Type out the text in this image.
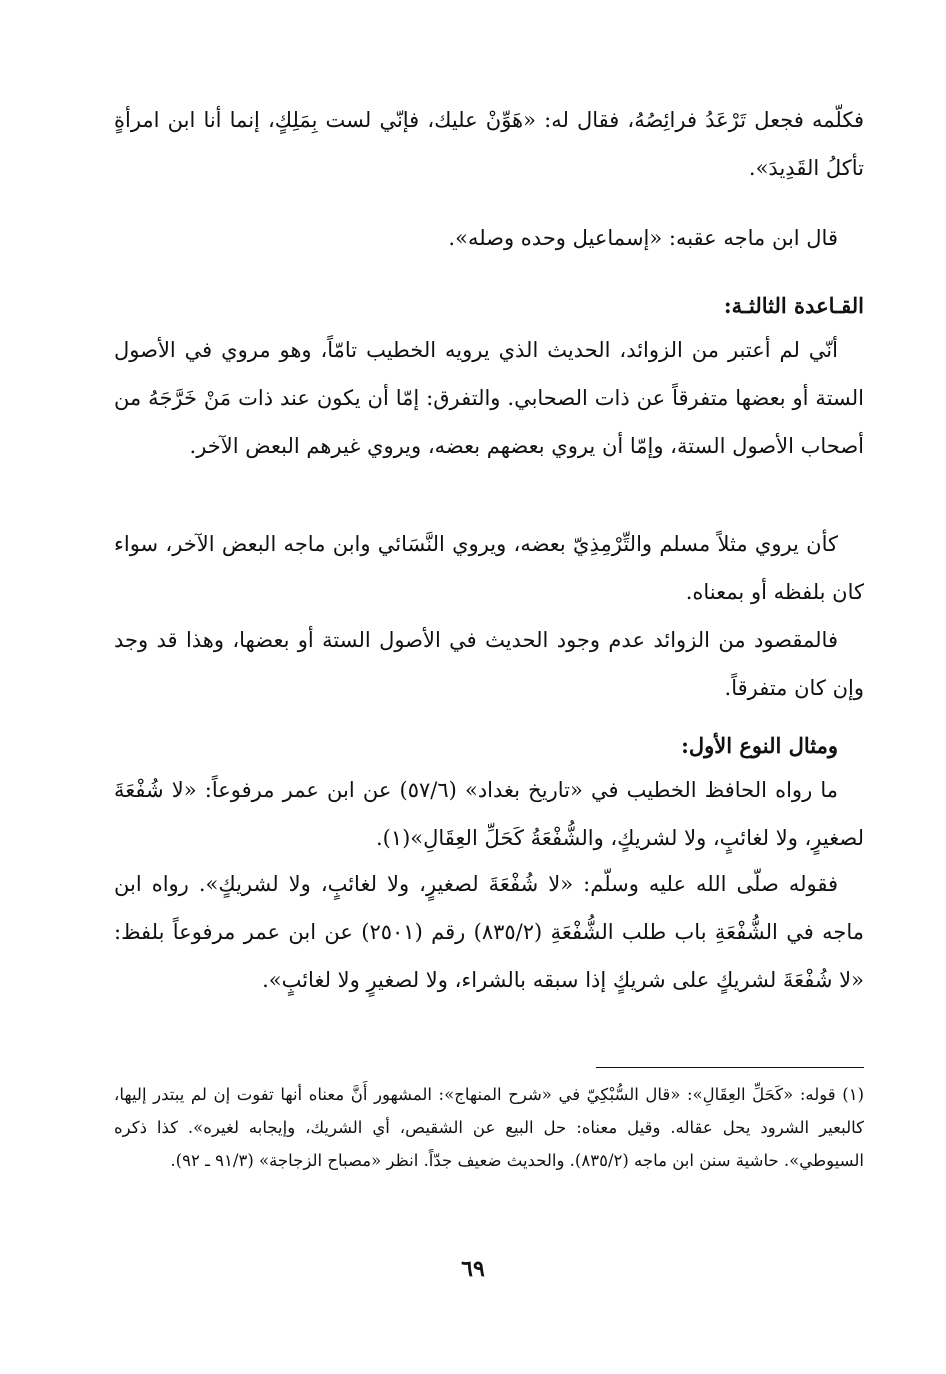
فكلّمه فجعل تَرْعَدُ فرائِصُهُ، فقال له: «هَوِّنْ عليك، فإنّي لست بِمَلِكٍ، إنما أنا ابن امرأةٍ تأكلُ القَدِيدَ».
قال ابن ماجه عقبه: «إسماعيل وحده وصله».
القـاعدة الثالثـة:
أنّي لم أعتبر من الزوائد، الحديث الذي يرويه الخطيب تامّاً، وهو مروي في الأصول الستة أو بعضها متفرقاً عن ذات الصحابي. والتفرق: إمّا أن يكون عند ذات مَنْ خَرَّجَهُ من أصحاب الأصول الستة، وإمّا أن يروي بعضهم بعضه، ويروي غيرهم البعض الآخر.
كأن يروي مثلاً مسلم والتِّرْمِذِيّ بعضه، ويروي النَّسَائي وابن ماجه البعض الآخر، سواء كان بلفظه أو بمعناه.
فالمقصود من الزوائد عدم وجود الحديث في الأصول الستة أو بعضها، وهذا قد وجد وإن كان متفرقاً.
ومثال النوع الأول:
ما رواه الحافظ الخطيب في «تاريخ بغداد» (٥٧/٦) عن ابن عمر مرفوعاً: «لا شُفْعَةَ لصغيرٍ، ولا لغائبٍ، ولا لشريكٍ، والشُّفْعَةُ كَحَلِّ العِقَالِ»(١).
فقوله صلّى الله عليه وسلّم: «لا شُفْعَةَ لصغيرٍ، ولا لغائبٍ، ولا لشريكٍ». رواه ابن ماجه في الشُّفْعَةِ باب طلب الشُّفْعَةِ (٨٣٥/٢) رقم (٢٥٠١) عن ابن عمر مرفوعاً بلفظ: «لا شُفْعَةَ لشريكٍ على شريكٍ إذا سبقه بالشراء، ولا لصغيرٍ ولا لغائبٍ».
(١) قوله: «كَحَلِّ العِقَالِ»: «قال السُّبْكِيّ في «شرح المنهاج»: المشهور أَنَّ معناه أنها تفوت إن لم يبتدر إليها، كالبعير الشرود يحل عقاله. وقيل معناه: حل البيع عن الشقيص، أي الشريك، وإيجابه لغيره». كذا ذكره السيوطي». حاشية سنن ابن ماجه (٨٣٥/٢). والحديث ضعيف جدّاً. انظر «مصباح الزجاجة» (٩١/٣ ـ ٩٢).
٦٩
